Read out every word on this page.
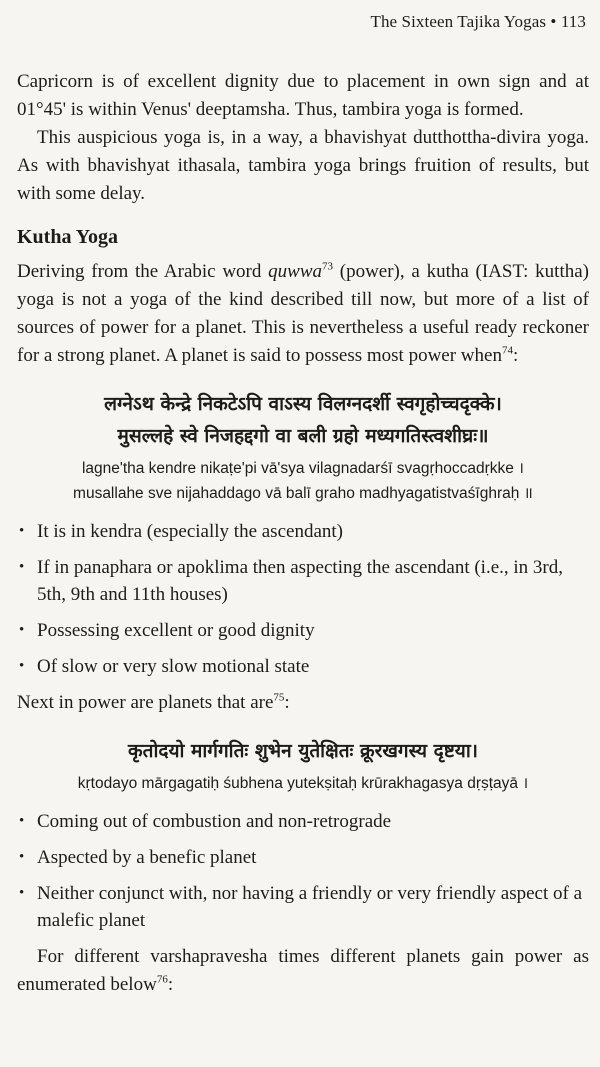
The Sixteen Tajika Yogas • 113

Capricorn is of excellent dignity due to placement in own sign and at 01°45' is within Venus' deeptamsha. Thus, tambira yoga is formed.

This auspicious yoga is, in a way, a bhavishyat dutthottha-divira yoga. As with bhavishyat ithasala, tambira yoga brings fruition of results, but with some delay.

Kutha Yoga

Deriving from the Arabic word quwwa$^{73}$ (power), a kutha (IAST: kuttha) yoga is not a yoga of the kind described till now, but more of a list of sources of power for a planet. This is nevertheless a useful ready reckoner for a strong planet. A planet is said to possess most power when$^{74}$:

लग्नेऽथ केन्द्रे निकटेऽपि वाऽस्य विलग्नदर्शी स्वगृहोच्चदृक्के।
मुसल्लहे स्वे निजहद्दगो वा बली ग्रहो मध्यगतिस्त्वशीघ्रः॥
lagne'tha kendre nikaṭe'pi vā'sya vilagnadarśī svagṛhoccadṛkke ।
musallahe sve nijahaddago vā balī graho madhyagatistvaśīghraḥ ॥
• It is in kendra (especially the ascendant)
• If in panaphara or apoklima then aspecting the ascendant (i.e., in 3rd, 5th, 9th and 11th houses)
• Possessing excellent or good dignity
• Of slow or very slow motional state

Next in power are planets that are$^{75}$:

कृतोदयो मार्गगतिः शुभेन युतेक्षितः क्रूरखगस्य दृष्टया।
kṛtodayo mārgagatiḥ śubhena yutekṣitaḥ krūrakhagasya dṛṣṭayā ।
• Coming out of combustion and non-retrograde
• Aspected by a benefic planet
• Neither conjunct with, nor having a friendly or very friendly aspect of a malefic planet

For different varshapravesha times different planets gain power as enumerated below$^{76}$:
